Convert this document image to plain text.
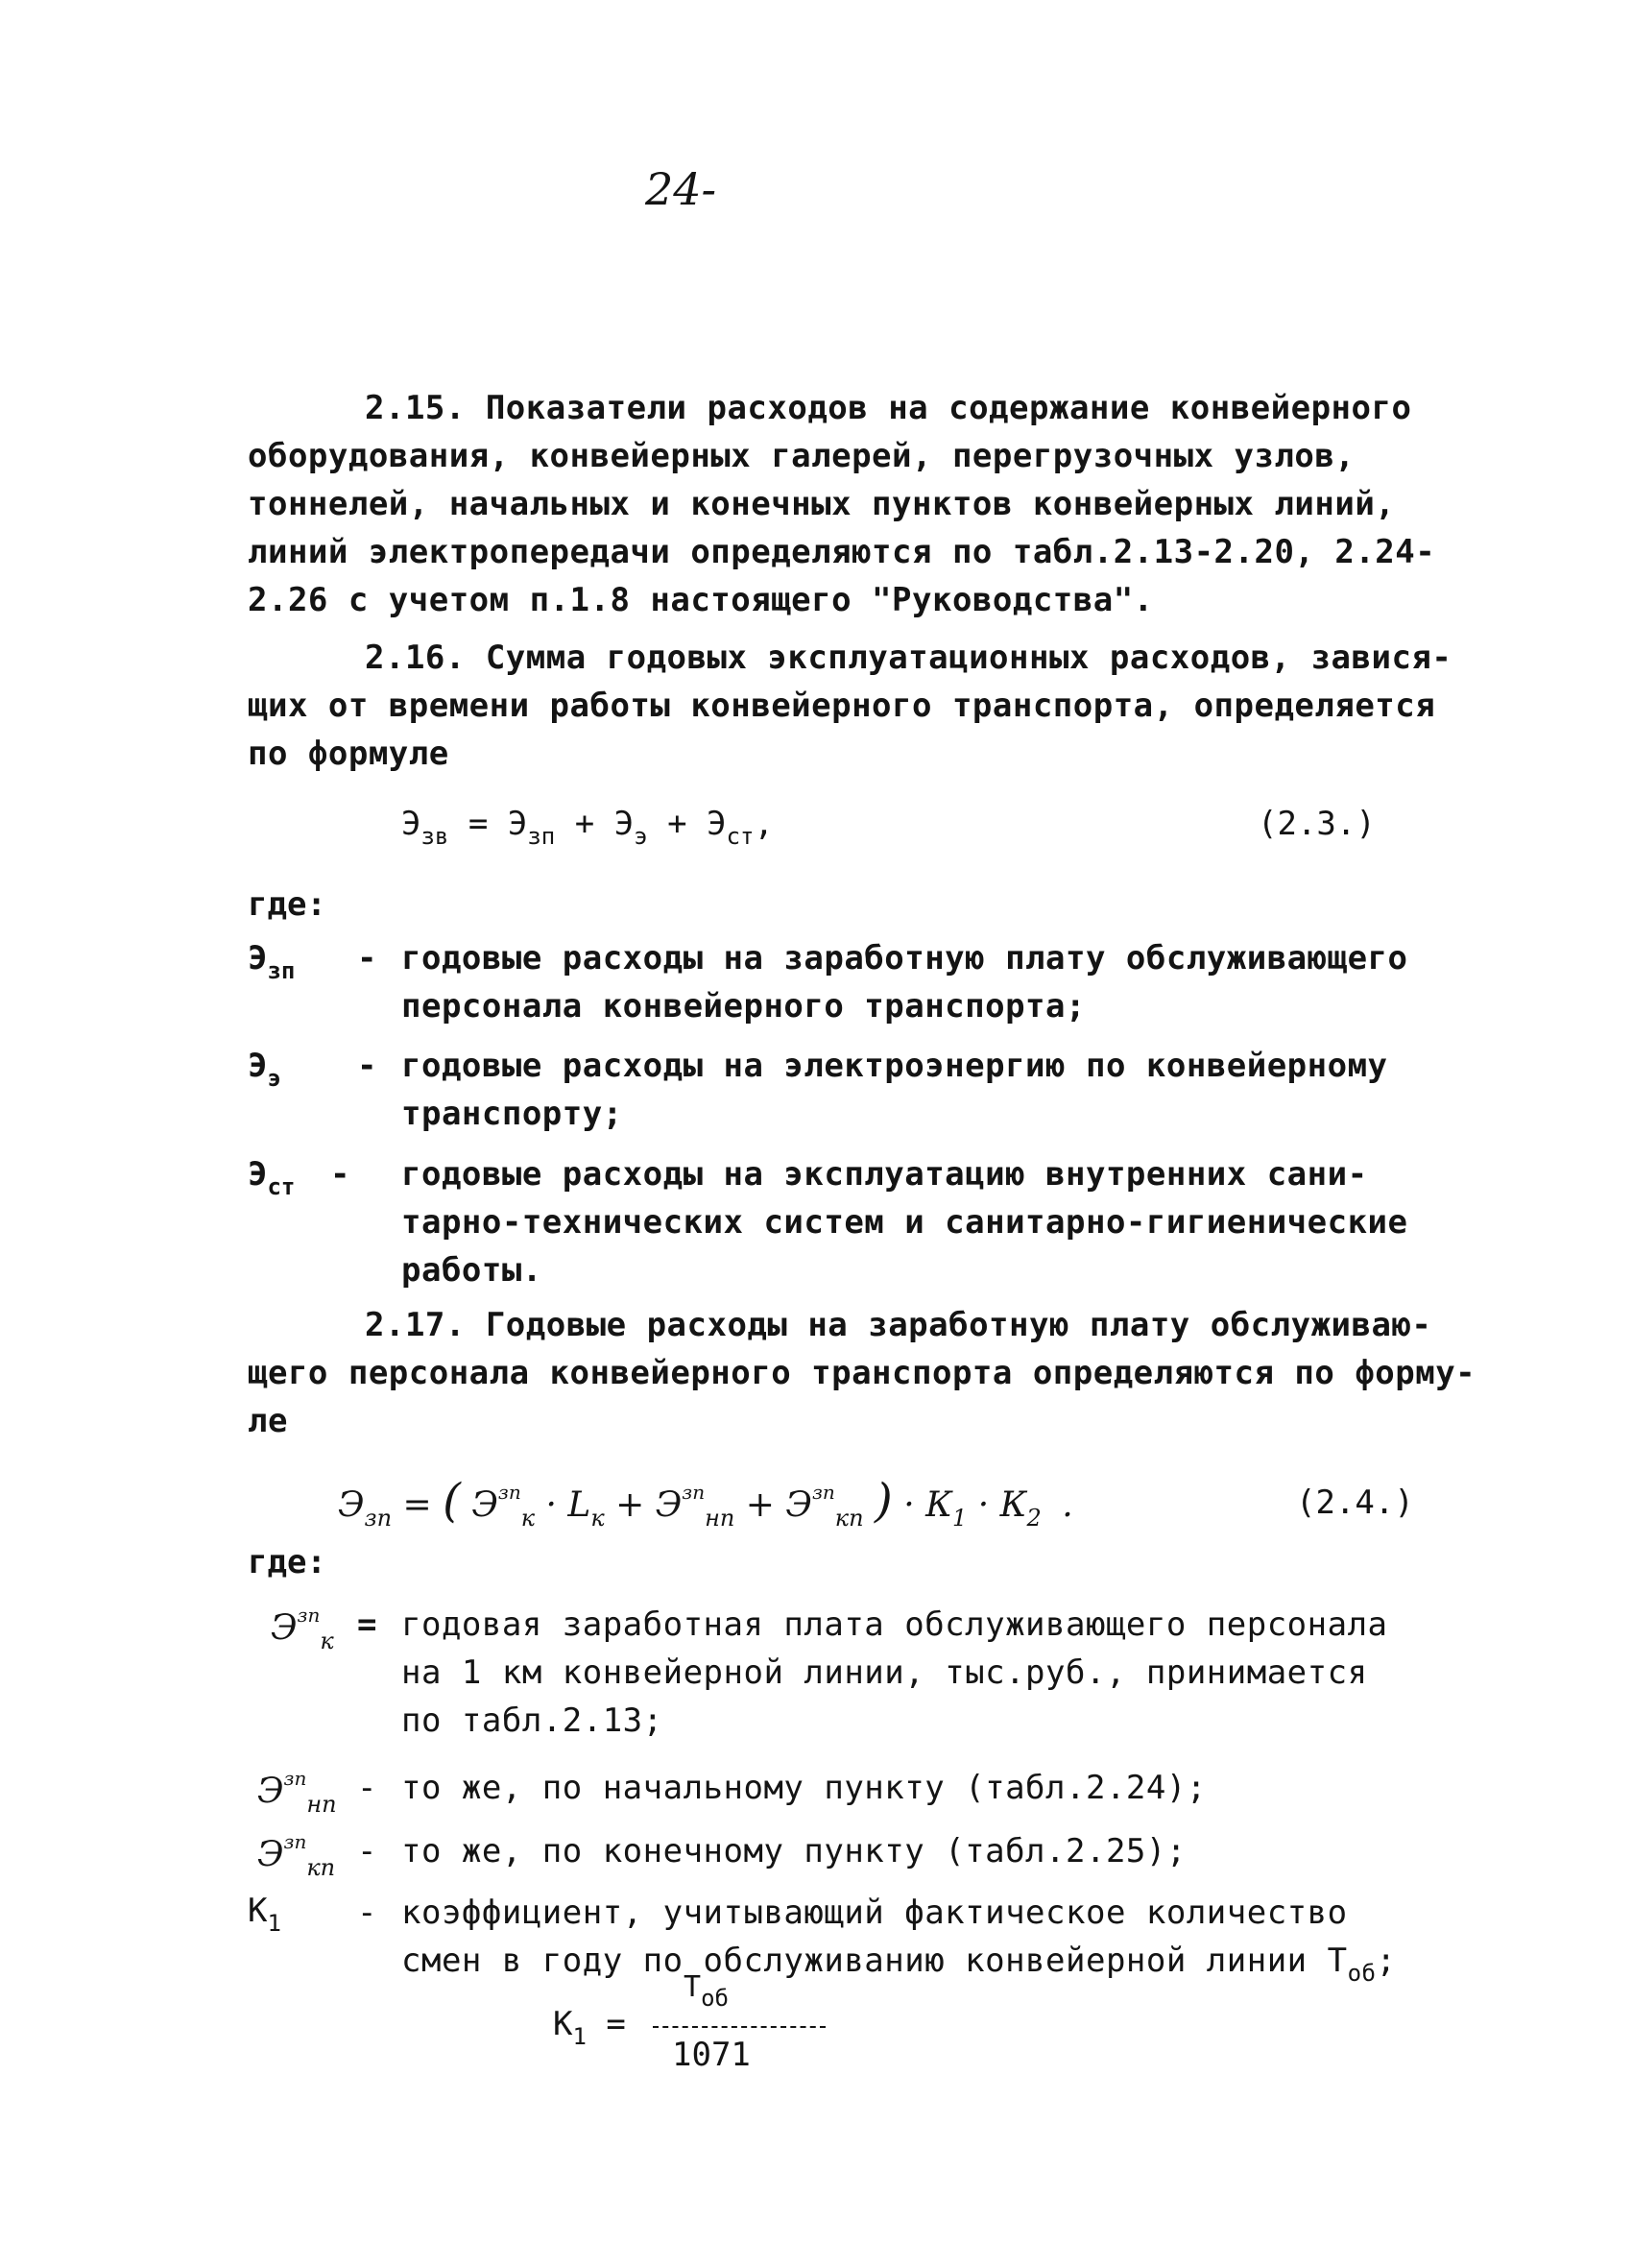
24-
2.15. Показатели расходов на содержание конвейерного
оборудования, конвейерных галерей, перегрузочных узлов,
тоннелей, начальных и конечных пунктов конвейерных линий,
линий электропередачи определяются по табл.2.13-2.20, 2.24-
2.26 с учетом п.1.8 настоящего "Руководства".
2.16. Сумма годовых эксплуатационных расходов, завися-
щих от времени работы конвейерного транспорта, определяется
по формуле
$Э_{зв} = Э_{зп} + Э_э + Э_{ст}$,	(2.3.)
где:
$Э_{зп}$ - годовые расходы на заработную плату обслуживающего
персонала конвейерного транспорта;
$Э_э$ - годовые расходы на электроэнергию по конвейерному
транспорту;
$Э_{ст}$ - годовые расходы на эксплуатацию внутренних сани-
тарно-технических систем и санитарно-гигиенические
работы.
2.17. Годовые расходы на заработную плату обслуживаю-
щего персонала конвейерного транспорта определяются по форму-
ле
$Э_{зп}$ = ( $Э^{зп}_к \cdot L_к + Э^{зп}_{нп} + Э^{зп}_{кп}$ ) · $К_1 \cdot К_2$ .	(2.4.)
где:
$Э^{зп}_к$ = годовая заработная плата обслуживающего персонала
на 1 км конвейерной линии, тыс.руб., принимается
по табл.2.13;
$Э^{зп}_{нп}$ - то же, по начальному пункту (табл.2.24);
$Э^{зп}_{кп}$ - то же, по конечному пункту (табл.2.25);
$К_1$ - коэффициент, учитывающий фактическое количество
смен в году по обслуживанию конвейерной линии $Т_{об}$;
$К_1$ =
$Т_{об}$
1071
